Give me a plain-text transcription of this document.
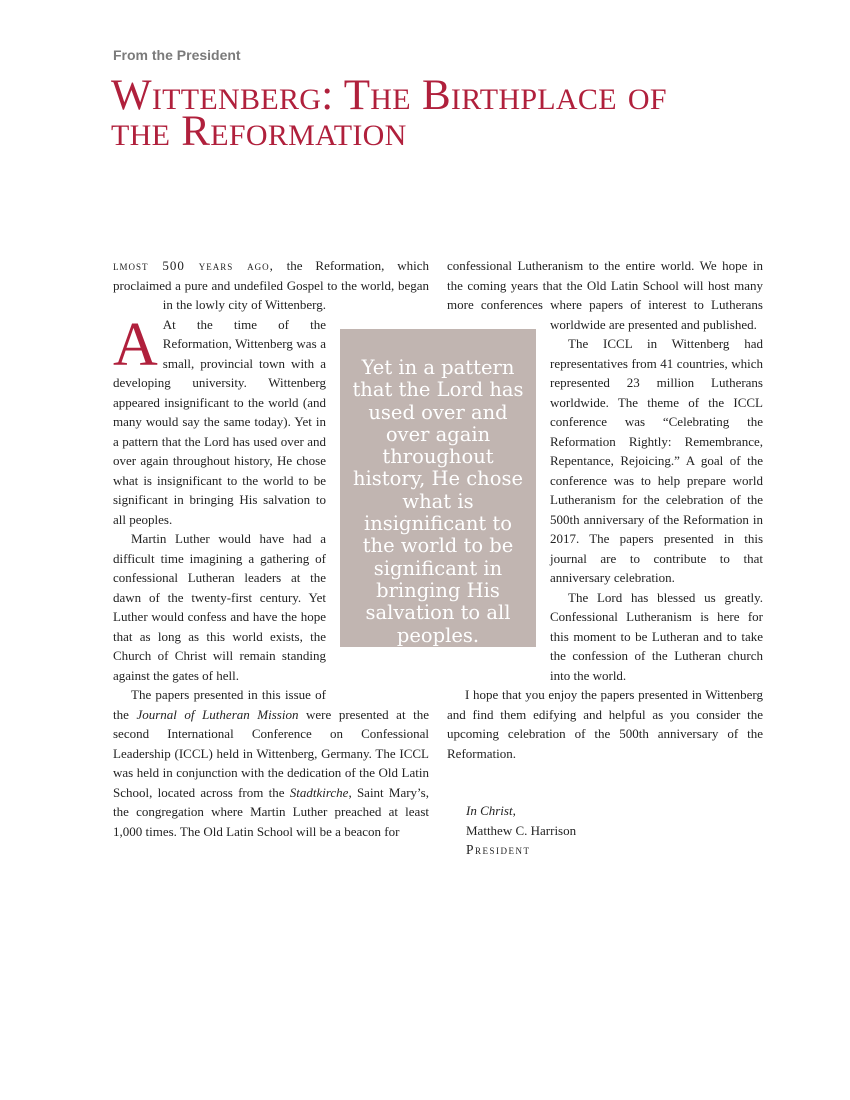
From the President
Wittenberg: The Birthplace of the Reformation

A
lmost 500 years ago, the Reformation, which proclaimed a pure and undefiled Gospel to the world, began in the lowly city of Wittenberg. At the time of the Reformation, Wittenberg was a small, provincial town with a developing university. Wittenberg appeared insignificant to the world (and many would say the same today). Yet in a pattern that the Lord has used over and over again throughout history, He chose what is insignificant to the world to be significant in bringing His salvation to all peoples.

Martin Luther would have had a difficult time imagining a gathering of confessional Lutheran leaders at the dawn of the twenty-first century. Yet Luther would confess and have the hope that as long as this world exists, the Church of Christ will remain standing against the gates of hell.

The papers presented in this issue of the Journal of Lutheran Mission were presented at the second International Conference on Confessional Leadership (ICCL) held in Wittenberg, Germany. The ICCL was held in conjunction with the dedication of the Old Latin School, located across from the Stadtkirche, Saint Mary’s, the congregation where Martin Luther preached at least 1,000 times. The Old Latin School will be a beacon for

confessional Lutheranism to the entire world. We hope in the coming years that the Old Latin School will host many more conferences where papers of interest to Lutherans worldwide are presented and published.

The ICCL in Wittenberg had representatives from 41 countries, which represented 23 million Lutherans worldwide. The theme of the ICCL conference was “Celebrating the Reformation Rightly: Remembrance, Repentance, Rejoicing.” A goal of the conference was to help prepare world Lutheranism for the celebration of the 500th anniversary of the Reformation in 2017. The papers presented in this journal are to contribute to that anniversary celebration.

The Lord has blessed us greatly. Confessional Lutheranism is here for this moment to be Lutheran and to take the confession of the Lutheran church into the world.

I hope that you enjoy the papers presented in Wittenberg and find them edifying and helpful as you consider the upcoming celebration of the 500th anniversary of the Reformation.

Yet in a pattern that the Lord has used over and over again throughout history, He chose what is insignificant to the world to be significant in bringing His salvation to all peoples.
In Christ,
Matthew C. Harrison
President
